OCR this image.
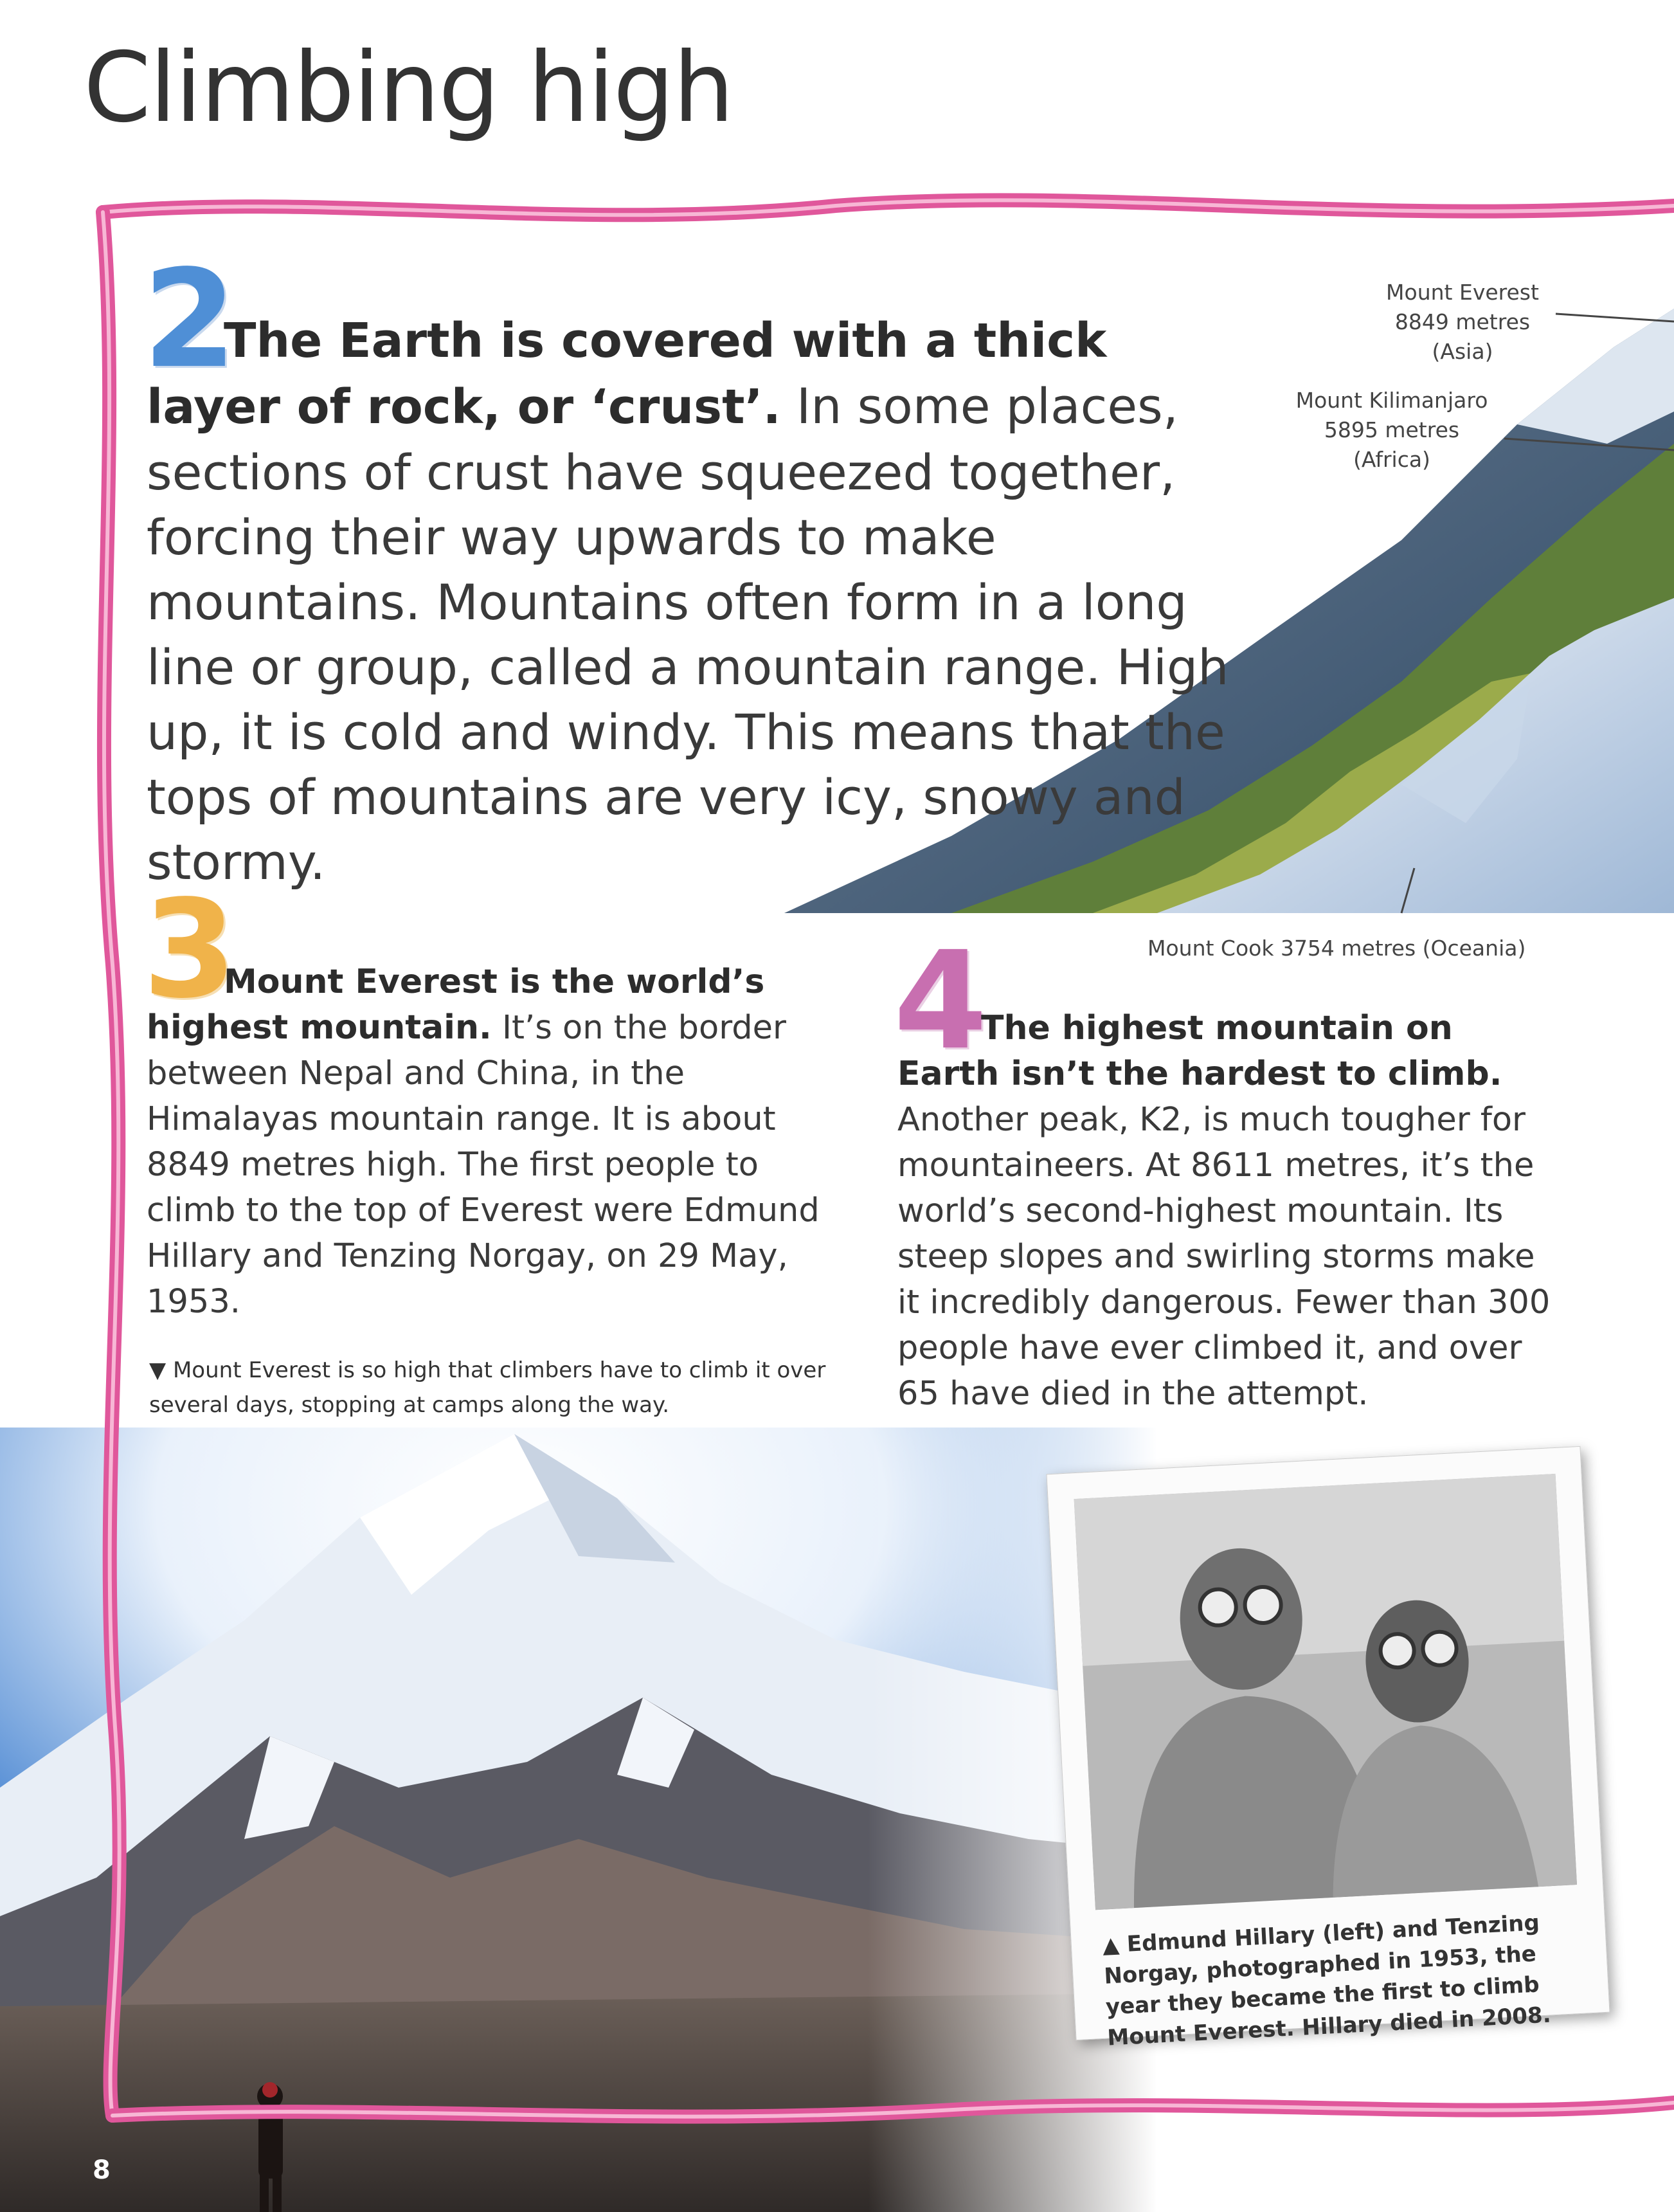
Climbing high
2
3	4
The Earth is covered with a thick layer of rock, or ‘crust’. In some places, sections of crust have squeezed together, forcing their way upwards to make mountains. Mountains often form in a long line or group, called a mountain range. High up, it is cold and windy. This means that the tops of mountains are very icy, snowy and stormy.
Mount Everest
8849 metres
(Asia)
Mount Kilimanjaro
5895 metres
(Africa)
Mount Cook 3754 metres (Oceania)
Mount Everest is the world’s highest mountain. It’s on the border between Nepal and China, in the Himalayas mountain range. It is about 8849 metres high. The first people to climb to the top of Everest were Edmund Hillary and Tenzing Norgay, on 29 May, 1953.
The highest mountain on Earth isn’t the hardest to climb. Another peak, K2, is much tougher for mountaineers. At 8611 metres, it’s the world’s second-highest mountain. Its steep slopes and swirling storms make it incredibly dangerous. Fewer than 300 people have ever climbed it, and over 65 have died in the attempt.
▼ Mount Everest is so high that climbers have to climb it over several days, stopping at camps along the way.
▲ Edmund Hillary (left) and Tenzing Norgay, photographed in 1953, the year they became the first to climb Mount Everest. Hillary died in 2008.
8
